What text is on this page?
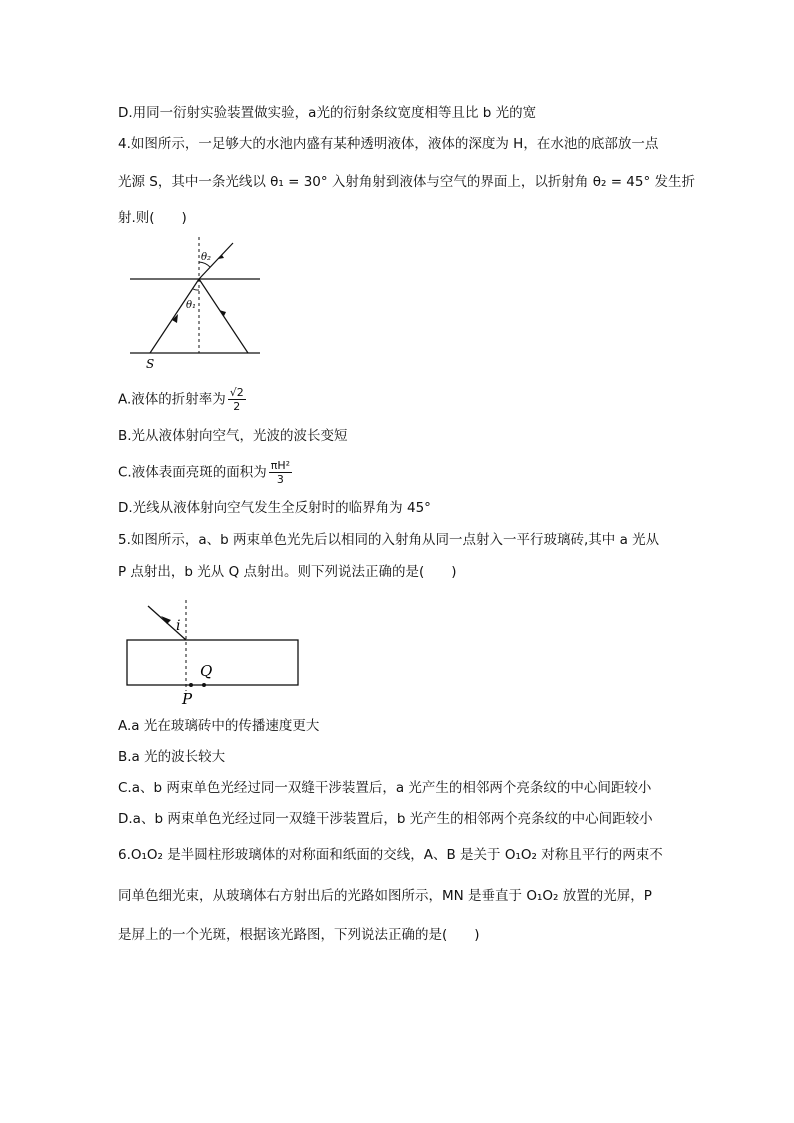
D.用同一衍射实验装置做实验，a光的衍射条纹宽度相等且比 b 光的宽
4.如图所示，一足够大的水池内盛有某种透明液体，液体的深度为 H，在水池的底部放一点
光源 S，其中一条光线以 θ₁ = 30° 入射角射到液体与空气的界面上，以折射角 θ₂ = 45° 发生折
射.则(　　)
θ₂
θ₁
S
A.液体的折射率为 $\frac{√2}{2}$
B.光从液体射向空气，光波的波长变短
C.液体表面亮斑的面积为 $\frac{\text{πH²}}{3}$
D.光线从液体射向空气发生全反射时的临界角为 45°
5.如图所示，a、b 两束单色光先后以相同的入射角从同一点射入一平行玻璃砖,其中 a 光从
P 点射出，b 光从 Q 点射出。则下列说法正确的是(　　)
i
Q
P
A.a 光在玻璃砖中的传播速度更大
B.a 光的波长较大
C.a、b 两束单色光经过同一双缝干涉装置后，a 光产生的相邻两个亮条纹的中心间距较小
D.a、b 两束单色光经过同一双缝干涉装置后，b 光产生的相邻两个亮条纹的中心间距较小
6.O₁O₂ 是半圆柱形玻璃体的对称面和纸面的交线，A、B 是关于 O₁O₂ 对称且平行的两束不
同单色细光束，从玻璃体右方射出后的光路如图所示，MN 是垂直于 O₁O₂ 放置的光屏，P
是屏上的一个光斑，根据该光路图，下列说法正确的是(　　)
